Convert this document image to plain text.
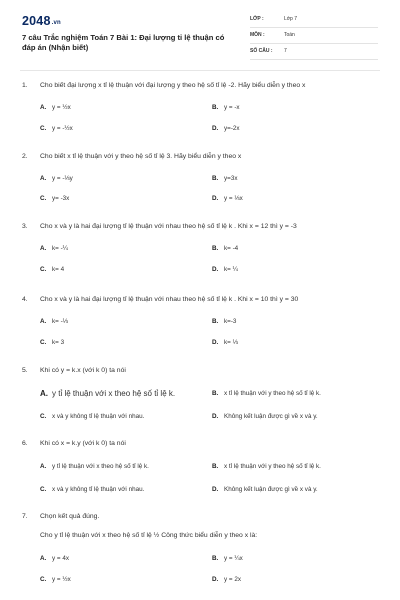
2048.vn
7 câu Trắc nghiệm Toán 7 Bài 1: Đại lượng tỉ lệ thuận có đáp án (Nhận biết)
LỚP :	Lớp 7
MÔN :	Toán
SỐ CÂU : 7
1. Cho biết đại lượng x tỉ lệ thuận với đại lượng y theo hệ số tỉ lệ -2. Hãy biểu diễn y theo x
A. y = ½x	B. y = -x
C. y = -½x	D. y=-2x
2. Cho biết x tỉ lệ thuận với y theo hệ số tỉ lệ 3. Hãy biểu diễn y theo x
A. y = -⅓y	B. y=3x
C. y= -3x	D. y = ⅓x
3. Cho x và y là hai đại lượng tỉ lệ thuận với nhau theo hệ số tỉ lệ k . Khi x = 12 thì y = -3
A. k= -¼	B. k= -4
C. k= 4	D. k= ¼
4. Cho x và y là hai đại lượng tỉ lệ thuận với nhau theo hệ số tỉ lệ k . Khi x = 10 thì y = 30
A. k= -⅓	B. k=-3
C. k= 3	D. k= ⅓
5. Khi có y = k.x (với k 0) ta nói
A. y tỉ lệ thuận với x theo hệ số tỉ lệ k.	B. x tỉ lệ thuận với y theo hệ số tỉ lệ k.
C. x và y không tỉ lệ thuận với nhau.	D. Không kết luận được gì về x và y.
6. Khi có x = k.y (với k 0) ta nói
A. y tỉ lệ thuận với x theo hệ số tỉ lệ k.	B. x tỉ lệ thuận với y theo hệ số tỉ lệ k.
C. x và y không tỉ lệ thuận với nhau.	D. Không kết luận được gì về x và y.
7. Chọn kết quả đúng.
Cho y tỉ lệ thuận với x theo hệ số tỉ lệ ½ Công thức biểu diễn y theo x là:
A. y = 4x	B. y = ¼x
C. y = ½x	D. y = 2x
